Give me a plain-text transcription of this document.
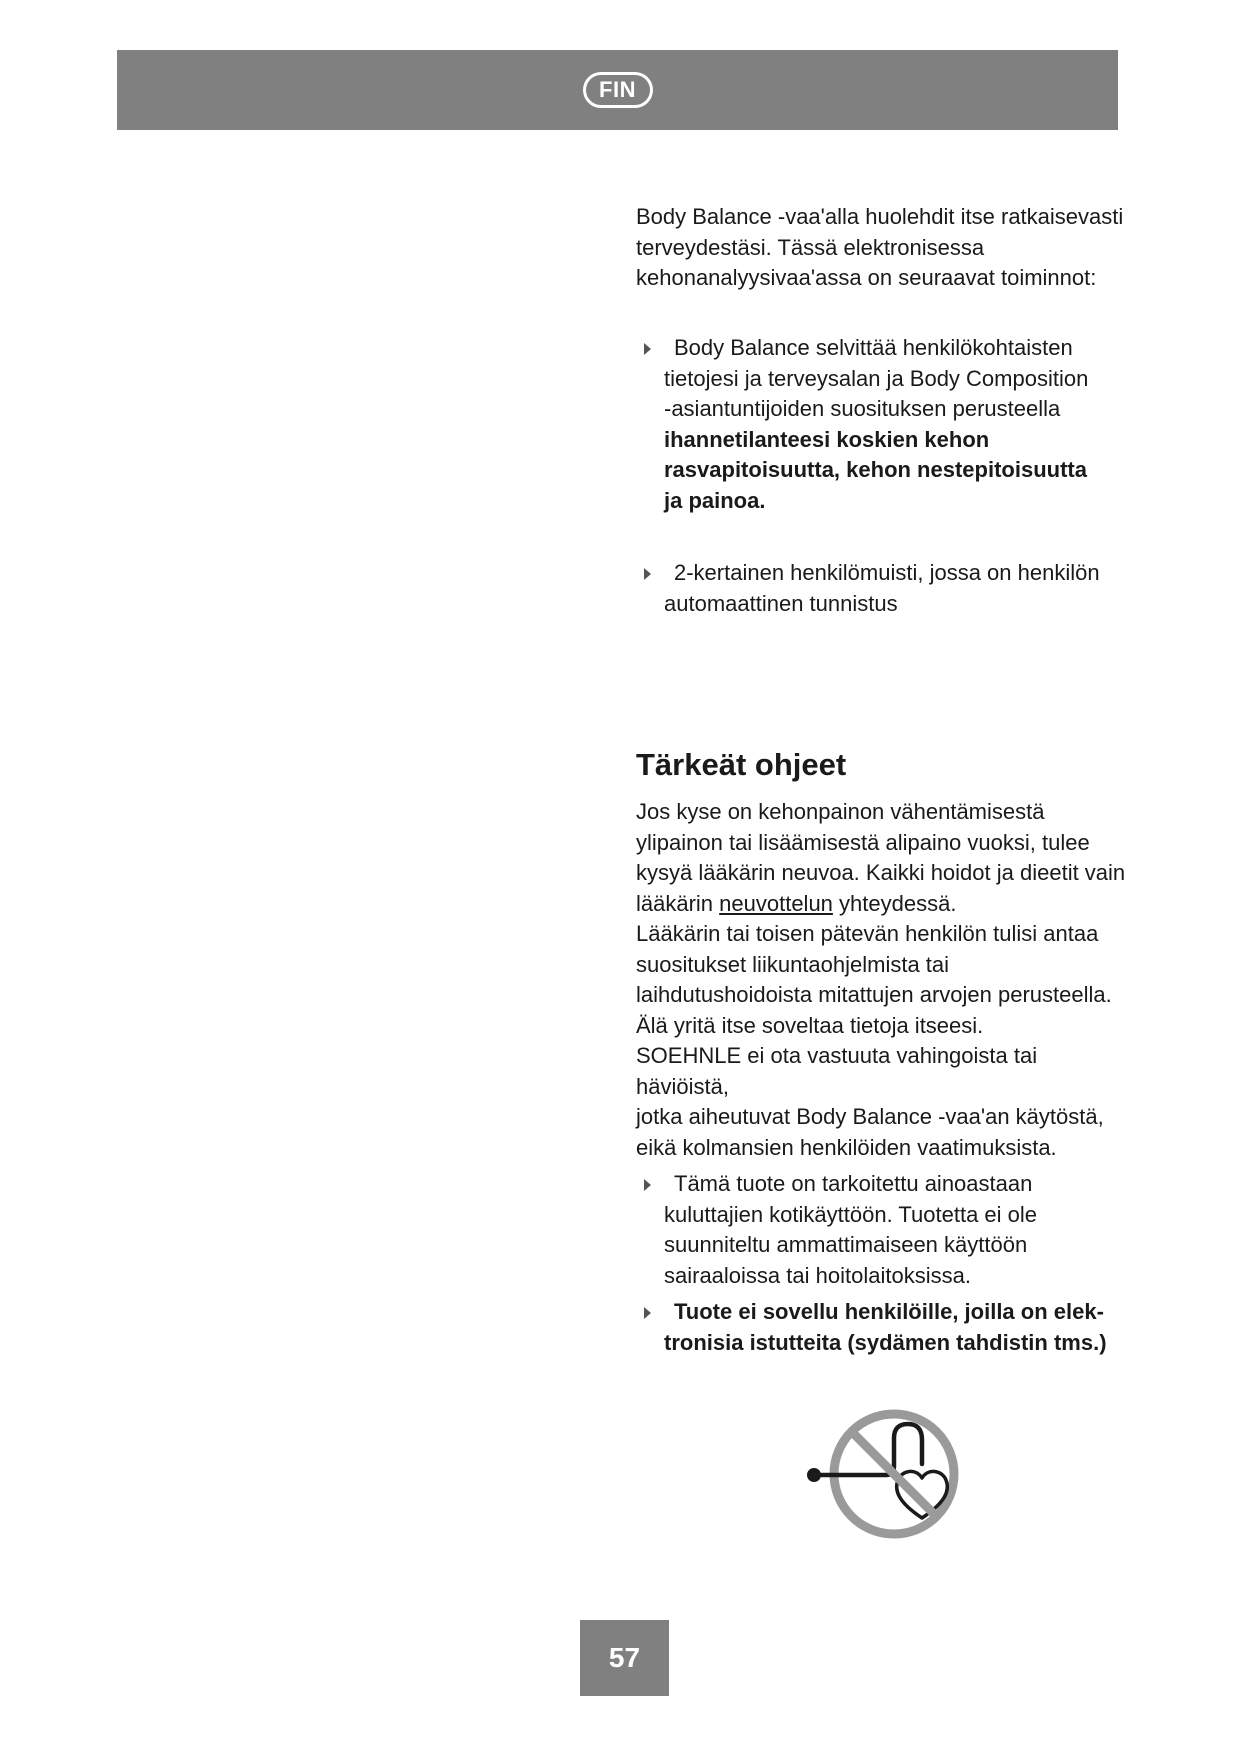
FIN
Body Balance -vaa'alla huolehdit itse ratkaisevasti
terveydestäsi. Tässä elektronisessa
kehonanalyysivaa'assa on seuraavat toiminnot:
Body Balance selvittää henkilökohtaisten
tietojesi ja terveysalan ja Body Composition
-asiantuntijoiden suosituksen perusteella
ihannetilanteesi koskien kehon
rasvapitoisuutta, kehon nestepitoisuutta
ja painoa.
2-kertainen henkilömuisti, jossa on henkilön
automaattinen tunnistus
Tärkeät ohjeet

Jos kyse on kehonpainon vähentämisestä

ylipainon tai lisäämisestä alipaino vuoksi, tulee

kysyä lääkärin neuvoa. Kaikki hoidot ja dieetit vain

lääkärin neuvottelun yhteydessä.

Lääkärin tai toisen pätevän henkilön tulisi antaa

suositukset liikuntaohjelmista tai

laihdutushoidoista mitattujen arvojen perusteella.

Älä yritä itse soveltaa tietoja itseesi.

SOEHNLE ei ota vastuuta vahingoista tai häviöistä,

jotka aiheutuvat Body Balance -vaa'an käytöstä,

eikä kolmansien henkilöiden vaatimuksista.

Tämä tuote on tarkoitettu ainoastaan
kuluttajien kotikäyttöön. Tuotetta ei ole
suunniteltu ammattimaiseen käyttöön
sairaaloissa tai hoitolaitoksissa.
Tuote ei sovellu henkilöille, joilla on elek-
tronisia istutteita (sydämen tahdistin tms.)
57
